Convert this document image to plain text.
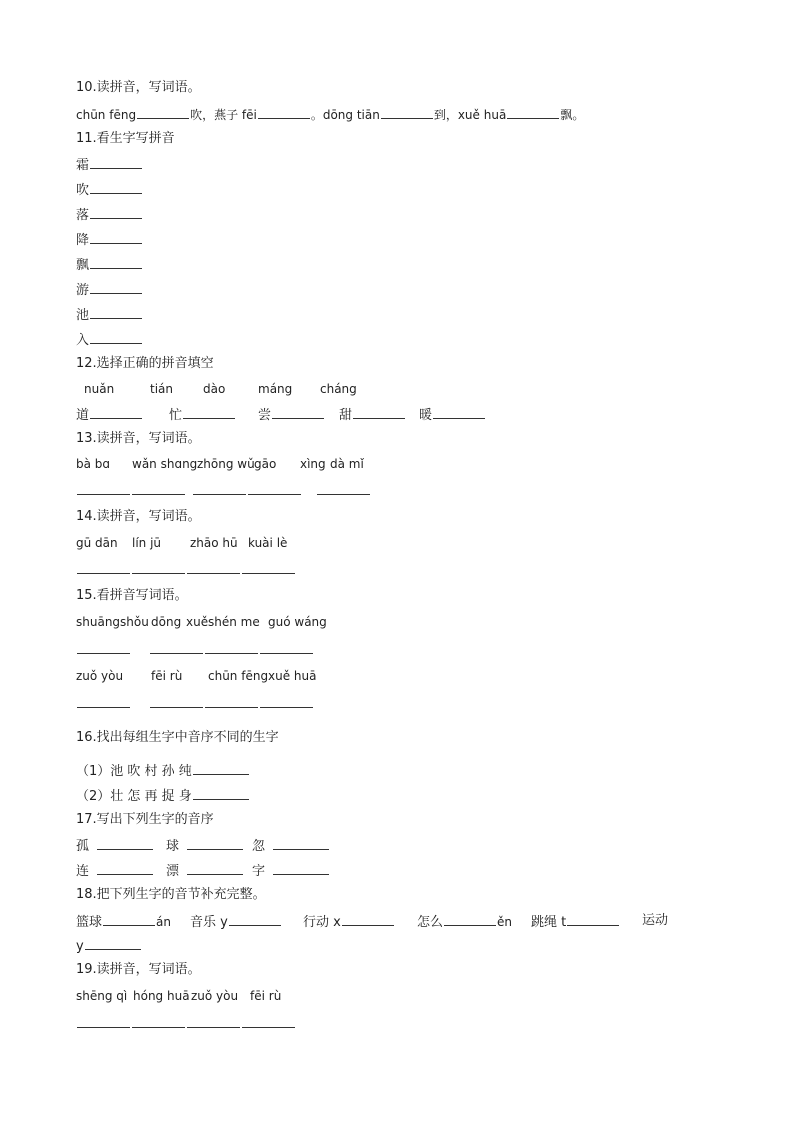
10.读拼音，写词语。
chūn fēng	吹，燕子 fēi	。dōng tiān	到，xuě huā	飘。
11.看生字写拼音
霜
吹
落
降
飘
游
池
入
12.选择正确的拼音填空
nuǎn	tián	dào	máng cháng
道	忙	尝	甜	暖
13.读拼音，写词语。
bà bɑ wǎn shɑng zhōng wǔ gāo xìng dà mǐ
14.读拼音，写词语。
gū dān lín jū zhāo hū kuài lè
15.看拼音写词语。
shuāng shǒu dōng xuě shén me guó wáng
zuǒ yòu fēi rù chūn fēng xuě huā
16.找出每组生字中音序不同的生字
（1）池 吹 村 孙 纯
（2）壮 怎 再 捉 身
17.写出下列生字的音序
孤	球	忽
连	漂	字
18.把下列生字的音节补充完整。
篮球	án 音乐 y	行动 x	怎么	ěn 跳绳 t	运动
y
19.读拼音，写词语。
shēng qì hóng huā zuǒ yòu fēi rù
